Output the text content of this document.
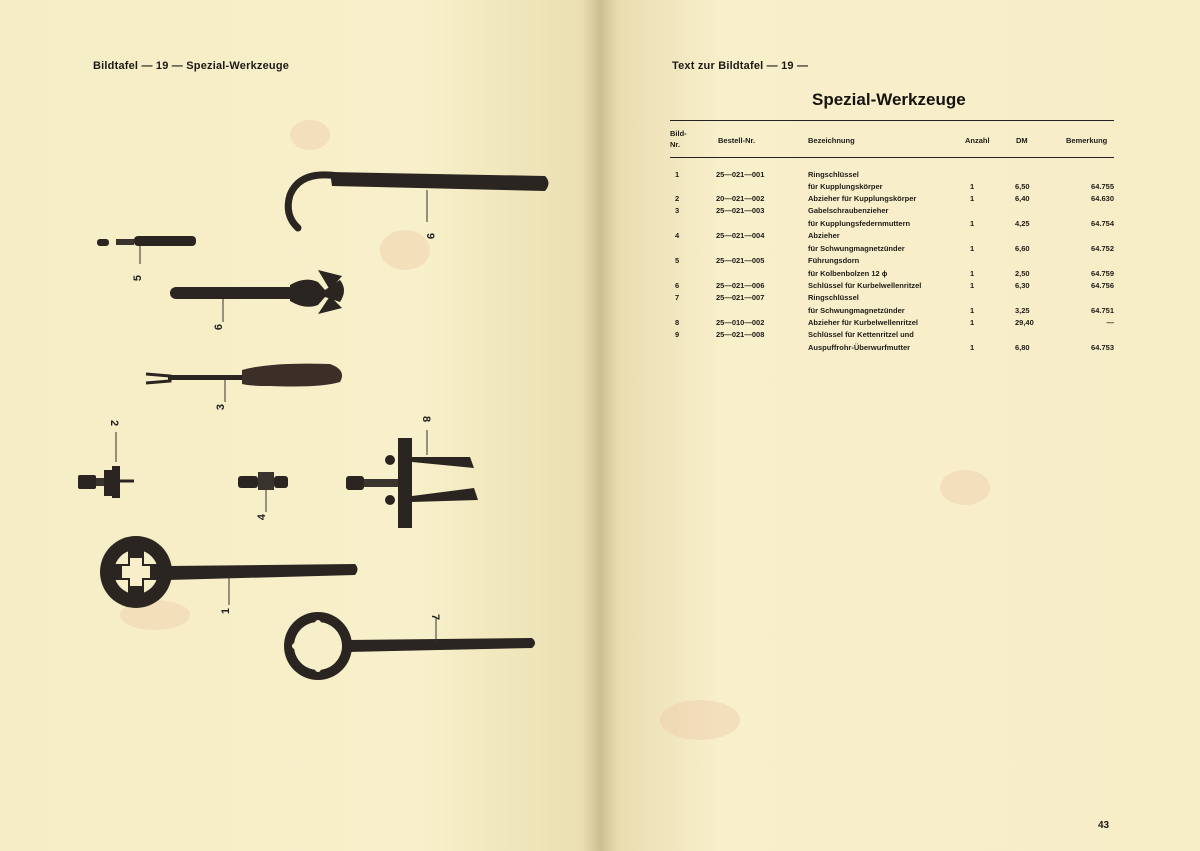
Bildtafel — 19 — Spezial-Werkzeuge
9
5
6
3
2
4
8
1
7
Text zur Bildtafel — 19 —
Spezial-Werkzeuge
Bild-
Nr.	Bestell-Nr.	Bezeichnung	Anzahl	DM	Bemerkung
1	25—021—001	Ringschlüssel
für Kupplungskörper	1	6,50	64.755
2	20—021—002	Abzieher für Kupplungskörper	1	6,40	64.630
3	25—021—003	Gabelschraubenzieher
für Kupplungsfedernmuttern	1	4,25	64.754
4	25—021—004	Abzieher
für Schwungmagnetzünder	1	6,60	64.752
5	25—021—005	Führungsdorn
für Kolbenbolzen 12 ϕ	1	2,50	64.759
6	25—021—006	Schlüssel für Kurbelwellenritzel	1	6,30	64.756
7	25—021—007	Ringschlüssel
für Schwungmagnetzünder	1	3,25	64.751
8	25—010—002	Abzieher für Kurbelwellenritzel	1	29,40	—
9	25—021—008	Schlüssel für Kettenritzel und
Auspuffrohr-Überwurfmutter	1	6,80	64.753
43
